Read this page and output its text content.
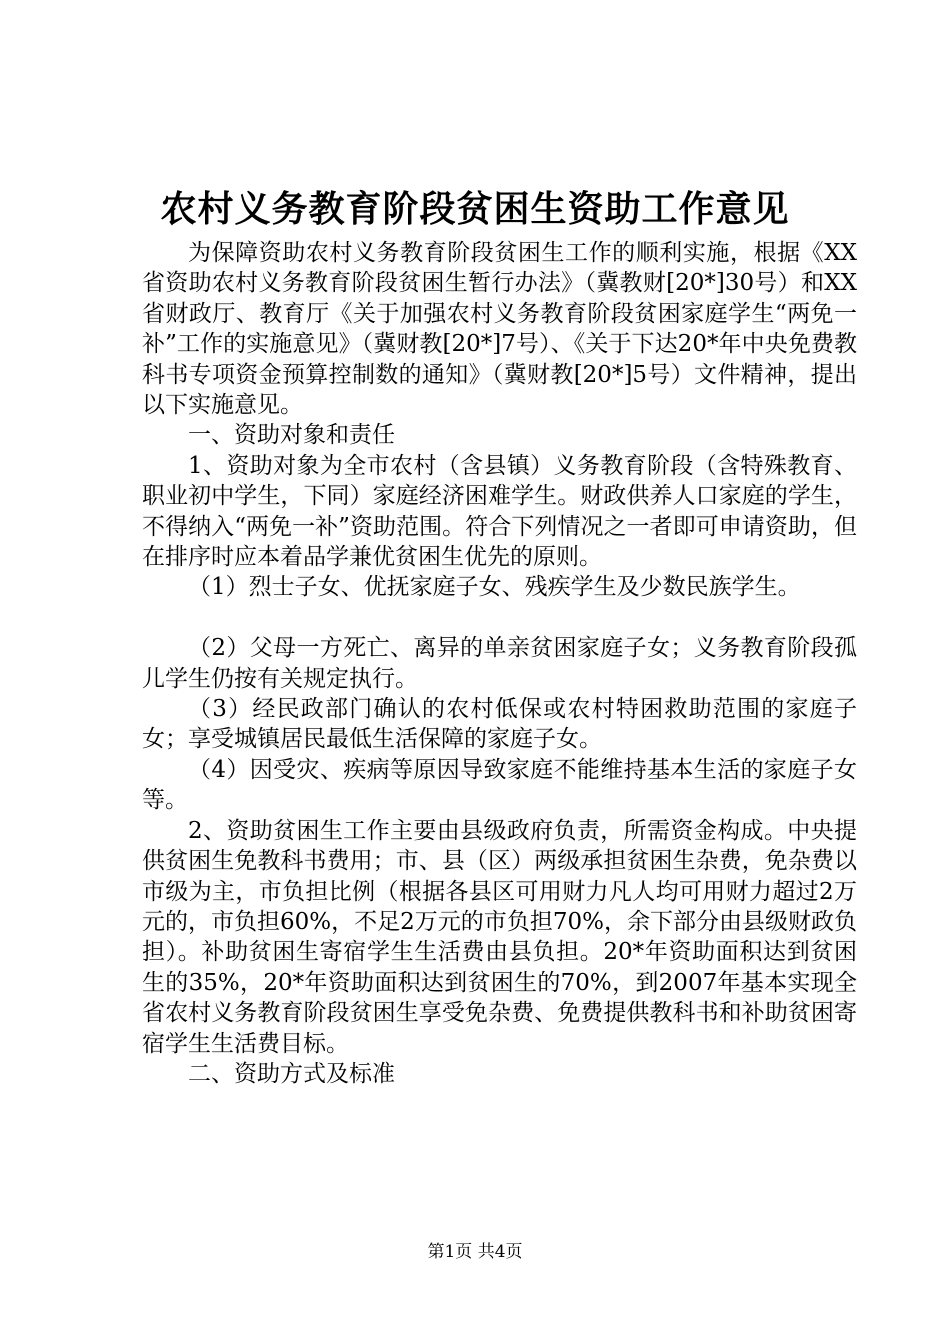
农村义务教育阶段贫困生资助工作意见

为保障资助农村义务教育阶段贫困生工作的顺利实施，根据《XX省资助农村义务教育阶段贫困生暂行办法》（冀教财[20*]30号）和XX省财政厅、教育厅《关于加强农村义务教育阶段贫困家庭学生“两免一补”工作的实施意见》（冀财教[20*]7号）、《关于下达20*年中央免费教科书专项资金预算控制数的通知》（冀财教[20*]5号）文件精神，提出以下实施意见。

一、资助对象和责任

1、资助对象为全市农村（含县镇）义务教育阶段（含特殊教育、职业初中学生，下同）家庭经济困难学生。财政供养人口家庭的学生，不得纳入“两免一补”资助范围。符合下列情况之一者即可申请资助，但在排序时应本着品学兼优贫困生优先的原则。

（1）烈士子女、优抚家庭子女、残疾学生及少数民族学生。

（2）父母一方死亡、离异的单亲贫困家庭子女；义务教育阶段孤儿学生仍按有关规定执行。

（3）经民政部门确认的农村低保或农村特困救助范围的家庭子女；享受城镇居民最低生活保障的家庭子女。

（4）因受灾、疾病等原因导致家庭不能维持基本生活的家庭子女等。

2、资助贫困生工作主要由县级政府负责，所需资金构成。中央提供贫困生免教科书费用；市、县（区）两级承担贫困生杂费，免杂费以市级为主，市负担比例（根据各县区可用财力凡人均可用财力超过2万元的，市负担60%，不足2万元的市负担70%，余下部分由县级财政负担）。补助贫困生寄宿学生生活费由县负担。20*年资助面积达到贫困生的35%，20*年资助面积达到贫困生的70%，到2007年基本实现全省农村义务教育阶段贫困生享受免杂费、免费提供教科书和补助贫困寄宿学生生活费目标。

二、资助方式及标准

第1页 共4页
